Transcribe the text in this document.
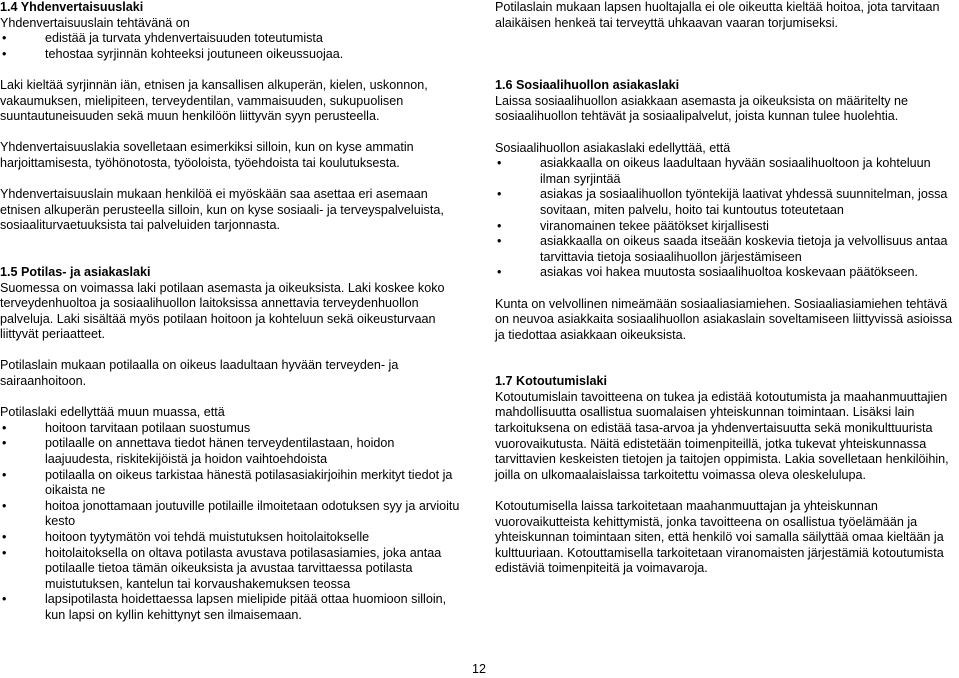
1.4 Yhdenvertaisuuslaki

Yhdenvertaisuuslain tehtävänä on

• edistää ja turvata yhdenvertaisuuden toteutumista
• tehostaa syrjinnän kohteeksi joutuneen oikeussuojaa.

Laki kieltää syrjinnän iän, etnisen ja kansallisen alkuperän, kielen, uskonnon, vakaumuksen, mielipiteen, terveydentilan, vammaisuuden, sukupuolisen suuntautuneisuuden sekä muun henkilöön liittyvän syyn perusteella.

Yhdenvertaisuuslakia sovelletaan esimerkiksi silloin, kun on kyse ammatin harjoittamisesta, työhönotosta, työoloista, työehdoista tai koulutuksesta.

Yhdenvertaisuuslain mukaan henkilöä ei myöskään saa asettaa eri asemaan etnisen alkuperän perusteella silloin, kun on kyse sosiaali- ja terveyspalveluista, sosiaaliturvaetuuksista tai palveluiden tarjonnasta.

1.5 Potilas- ja asiakaslaki

Suomessa on voimassa laki potilaan asemasta ja oikeuksista. Laki koskee koko terveydenhuoltoa ja sosiaalihuollon laitoksissa annettavia terveydenhuollon palveluja. Laki sisältää myös potilaan hoitoon ja kohteluun sekä oikeusturvaan liittyvät periaatteet.

Potilaslain mukaan potilaalla on oikeus laadultaan hyvään terveyden- ja sairaanhoitoon.

Potilaslaki edellyttää muun muassa, että

• hoitoon tarvitaan potilaan suostumus
• potilaalle on annettava tiedot hänen terveydentilastaan, hoidon laajuudesta, riskitekijöistä ja hoidon vaihtoehdoista
• potilaalla on oikeus tarkistaa hänestä potilasasiakirjoihin merkityt tiedot ja oikaista ne
• hoitoa jonottamaan joutuville potilaille ilmoitetaan odotuksen syy ja arvioitu kesto
• hoitoon tyytymätön voi tehdä muistutuksen hoitolaitokselle
• hoitolaitoksella on oltava potilasta avustava potilasasiamies, joka antaa potilaalle tietoa tämän oikeuksista ja avustaa tarvittaessa potilasta muistutuksen, kantelun tai korvaushakemuksen teossa
• lapsipotilasta hoidettaessa lapsen mielipide pitää ottaa huomioon silloin, kun lapsi on kyllin kehittynyt sen ilmaisemaan.

Potilaslain mukaan lapsen huoltajalla ei ole oikeutta kieltää hoitoa, jota tarvitaan alaikäisen henkeä tai terveyttä uhkaavan vaaran torjumiseksi.

1.6 Sosiaalihuollon asiakaslaki

Laissa sosiaalihuollon asiakkaan asemasta ja oikeuksista on määritelty ne sosiaalihuollon tehtävät ja sosiaalipalvelut, joista kunnan tulee huolehtia.

Sosiaalihuollon asiakaslaki edellyttää, että

• asiakkaalla on oikeus laadultaan hyvään sosiaalihuoltoon ja kohteluun ilman syrjintää
• asiakas ja sosiaalihuollon työntekijä laativat yhdessä suunnitelman, jossa sovitaan, miten palvelu, hoito tai kuntoutus toteutetaan
• viranomainen tekee päätökset kirjallisesti
• asiakkaalla on oikeus saada itseään koskevia tietoja ja velvollisuus antaa tarvittavia tietoja sosiaalihuollon järjestämiseen
• asiakas voi hakea muutosta sosiaalihuoltoa koskevaan päätökseen.

Kunta on velvollinen nimeämään sosiaaliasiamiehen. Sosiaaliasiamiehen tehtävä on neuvoa asiakkaita sosiaalihuollon asiakaslain soveltamiseen liittyvissä asioissa ja tiedottaa asiakkaan oikeuksista.

1.7 Kotoutumislaki

Kotoutumislain tavoitteena on tukea ja edistää kotoutumista ja maahanmuuttajien mahdollisuutta osallistua suomalaisen yhteiskunnan toimintaan. Lisäksi lain tarkoituksena on edistää tasa-arvoa ja yhdenvertaisuutta sekä monikulttuurista vuorovaikutusta. Näitä edistetään toimenpiteillä, jotka tukevat yhteiskunnassa tarvittavien keskeisten tietojen ja taitojen oppimista. Lakia sovelletaan henkilöihin, joilla on ulkomaalaislaissa tarkoitettu voimassa oleva oleskelulupa.

Kotoutumisella laissa tarkoitetaan maahanmuuttajan ja yhteiskunnan vuorovaikutteista kehittymistä, jonka tavoitteena on osallistua työelämään ja yhteiskunnan toimintaan siten, että henkilö voi samalla säilyttää omaa kieltään ja kulttuuriaan. Kotouttamisella tarkoitetaan viranomaisten järjestämiä kotoutumista edistäviä toimenpiteitä ja voimavaroja.

12
